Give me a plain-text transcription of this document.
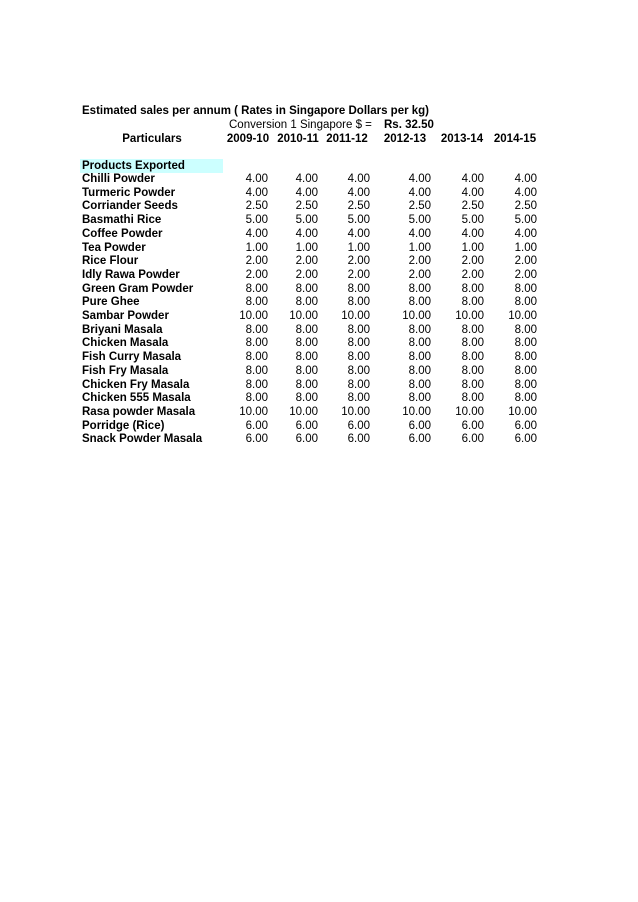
Estimated sales per annum ( Rates in Singapore Dollars per kg)
Conversion 1 Singapore $ = Rs. 32.50
Particulars	2009-10 2010-11 2011-12	2012-13	2013-14 2014-15
Products Exported
Chilli Powder	4.00	4.00	4.00	4.00	4.00	4.00
Turmeric Powder	4.00	4.00	4.00	4.00	4.00	4.00
Corriander Seeds	2.50	2.50	2.50	2.50	2.50	2.50
Basmathi Rice	5.00	5.00	5.00	5.00	5.00	5.00
Coffee Powder	4.00	4.00	4.00	4.00	4.00	4.00
Tea Powder	1.00	1.00	1.00	1.00	1.00	1.00
Rice Flour	2.00	2.00	2.00	2.00	2.00	2.00
Idly Rawa Powder	2.00	2.00	2.00	2.00	2.00	2.00
Green Gram Powder	8.00	8.00	8.00	8.00	8.00	8.00
Pure Ghee	8.00	8.00	8.00	8.00	8.00	8.00
Sambar Powder	10.00	10.00	10.00	10.00	10.00	10.00
Briyani Masala	8.00	8.00	8.00	8.00	8.00	8.00
Chicken Masala	8.00	8.00	8.00	8.00	8.00	8.00
Fish Curry Masala	8.00	8.00	8.00	8.00	8.00	8.00
Fish Fry Masala	8.00	8.00	8.00	8.00	8.00	8.00
Chicken Fry Masala	8.00	8.00	8.00	8.00	8.00	8.00
Chicken 555 Masala	8.00	8.00	8.00	8.00	8.00	8.00
Rasa powder Masala	10.00	10.00	10.00	10.00	10.00	10.00
Porridge (Rice)	6.00	6.00	6.00	6.00	6.00	6.00
Snack Powder Masala	6.00	6.00	6.00	6.00	6.00	6.00
